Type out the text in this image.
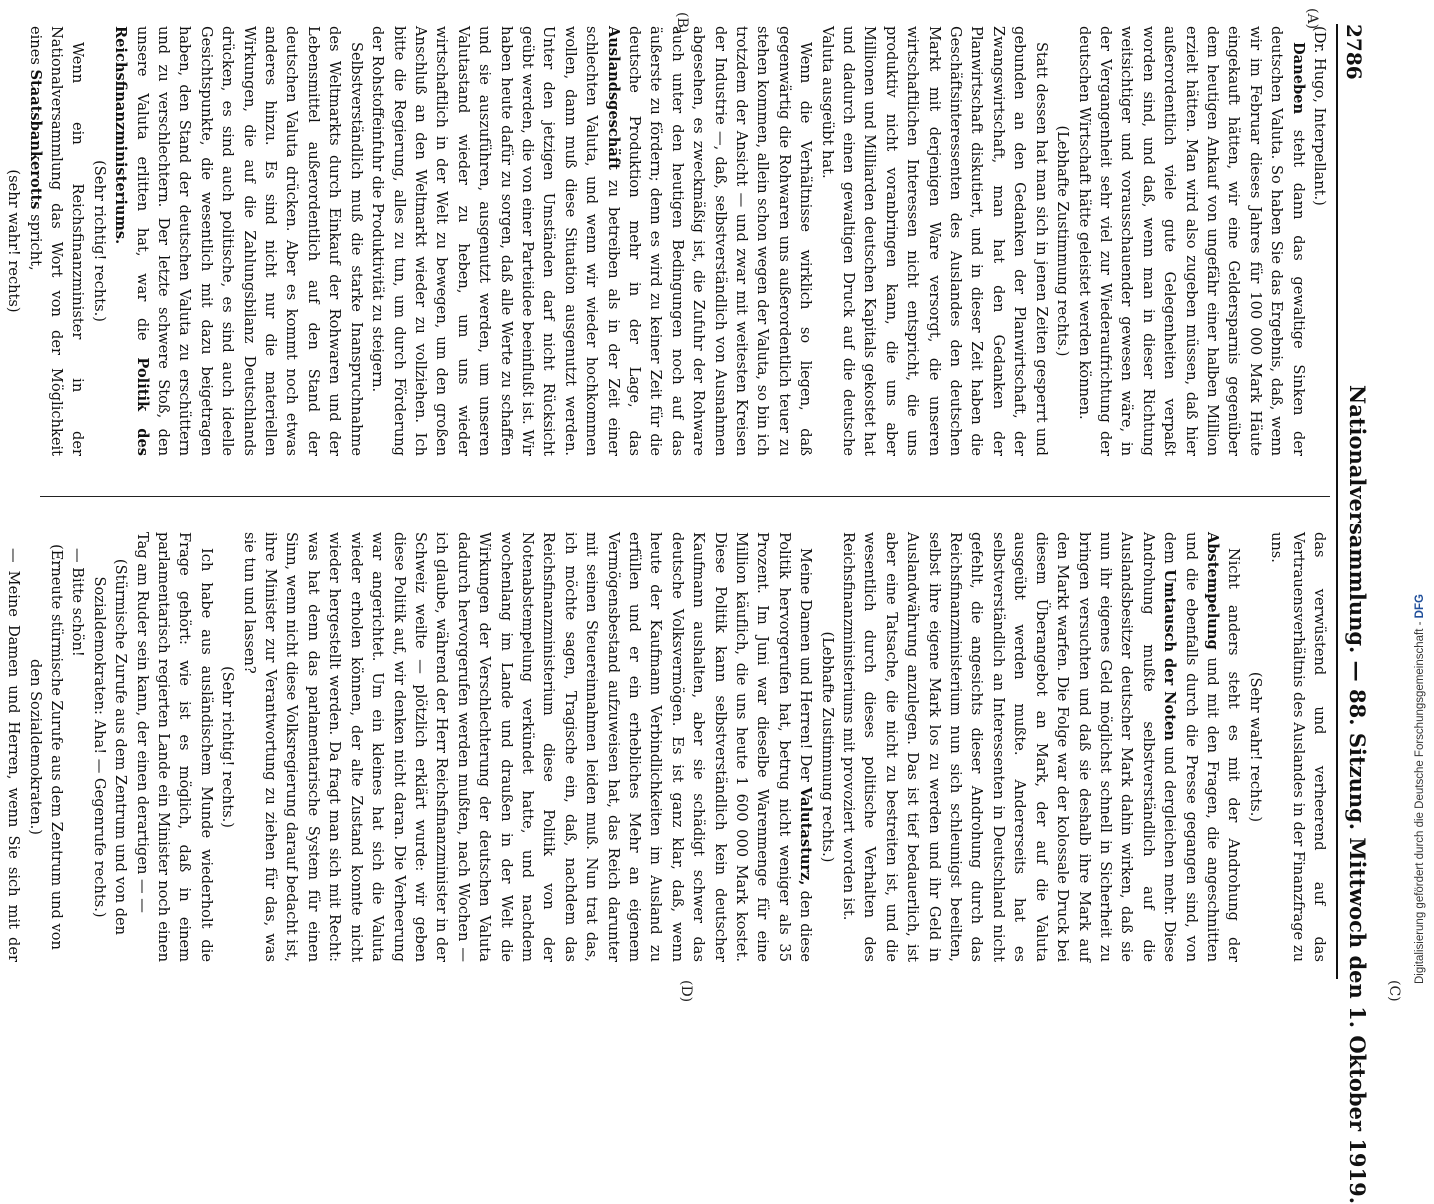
2786
Nationalversammlung. — 88. Sitzung. Mittwoch den 1. Oktober 1919.
(A)
(B)
(C)
(D)

(Dr. Hugo, Interpellant.)

Daneben steht dann das gewaltige Sinken der deutschen Valuta. So haben Sie das Ergebnis, daß, wenn wir im Februar dieses Jahres für 100 000 Mark Häute eingekauft hätten, wir eine Geldersparnis gegenüber dem heutigen Ankauf von ungefähr einer halben Million erzielt hätten. Man wird also zugeben müssen, daß hier außerordentlich viele gute Gelegenheiten verpaßt worden sind, und daß, wenn man in dieser Richtung weitsichtiger und vorausschauender gewesen wäre, in der Vergangenheit sehr viel zur Wiederaufrichtung der deutschen Wirtschaft hätte geleistet werden können.

(Lebhafte Zustimmung rechts.)

Statt dessen hat man sich in jenen Zeiten gesperrt und gebunden an den Gedanken der Planwirtschaft, der Zwangswirtschaft, man hat den Gedanken der Planwirtschaft diskutiert, und in dieser Zeit haben die Geschäftsinteressenten des Auslandes den deutschen Markt mit derjenigen Ware versorgt, die unseren wirtschaftlichen Interessen nicht entspricht, die uns produktiv nicht voranbringen kann, die uns aber Millionen und Milliarden deutschen Kapitals gekostet hat und dadurch einen gewaltigen Druck auf die deutsche Valuta ausgeübt hat.

Wenn die Verhältnisse wirklich so liegen, daß gegenwärtig die Rohwaren uns außerordentlich teuer zu stehen kommen, allein schon wegen der Valuta, so bin ich trotzdem der Ansicht — und zwar mit weitesten Kreisen der Industrie —, daß, selbstverständlich von Ausnahmen abgesehen, es zweckmäßig ist, die Zufuhr der Rohware auch unter den heutigen Bedingungen noch auf das äußerste zu fördern; denn es wird zu keiner Zeit für die deutsche Produktion mehr in der Lage, das Auslandsgeschäft zu betreiben als in der Zeit einer schlechten Valuta, und wenn wir wieder hochkommen wollen, dann muß diese Situation ausgenutzt werden. Unter den jetzigen Umständen darf nicht Rücksicht geübt werden, die von einer Parteiidee beeinflußt ist. Wir haben heute dafür zu sorgen, daß alle Werte zu schaffen und sie auszuführen, ausgenutzt werden, um unseren Valutastand wieder zu heben, um uns wieder wirtschaftlich in der Welt zu bewegen, um den großen Anschluß an den Weltmarkt wieder zu vollziehen. Ich bitte die Regierung, alles zu tun, um durch Förderung der Rohstoffeinfuhr die Produktivität zu steigern.

Selbstverständlich muß die starke Inanspruchnahme des Weltmarkts durch Einkauf der Rohwaren und der Lebensmittel außerordentlich auf den Stand der deutschen Valuta drücken. Aber es kommt noch etwas anderes hinzu. Es sind nicht nur die materiellen Wirkungen, die auf die Zahlungsbilanz Deutschlands drücken, es sind auch politische, es sind auch ideelle Gesichtspunkte, die wesentlich mit dazu beigetragen haben, den Stand der deutschen Valuta zu erschüttern und zu verschlechtern. Der letzte schwere Stoß, den unsere Valuta erlitten hat, war die Politik des Reichsfinanzministeriums.

(Sehr richtig! rechts.)

Wenn ein Reichsfinanzminister in der Nationalversammlung das Wort von der Möglichkeit eines Staatsbankerotts spricht,

(sehr wahr! rechts)

das verwüstend und verheerend auf das Vertrauensverhältnis des Auslandes in der Finanzfrage zu uns.

(Sehr wahr! rechts.)

Nicht anders steht es mit der Androhung der Abstempelung und mit den Fragen, die angeschnitten und die ebenfalls durch die Presse gegangen sind, von dem Umtausch der Noten und dergleichen mehr. Diese Androhung mußte selbstverständlich auf die Auslandsbesitzer deutscher Mark dahin wirken, daß sie nun ihr eigenes Geld möglichst schnell in Sicherheit zu bringen versuchten und daß sie deshalb ihre Mark auf den Markt warfen. Die Folge war der kolossale Druck bei diesem Überangebot an Mark, der auf die Valuta ausgeübt werden mußte. Andererseits hat es selbstverständlich an Interessenten in Deutschland nicht gefehlt, die angesichts dieser Androhung durch das Reichsfinanzministerium nun sich schleunigst beeilten, selbst ihre eigene Mark los zu werden und ihr Geld in Auslandwährung anzulegen. Das ist tief bedauerlich, ist aber eine Tatsache, die nicht zu bestreiten ist, und die wesentlich durch dieses politische Verhalten des Reichsfinanzministeriums mit provoziert worden ist.

(Lebhafte Zustimmung rechts.)

Meine Damen und Herren! Der Valutasturz, den diese Politik hervorgerufen hat, betrug nicht weniger als 35 Prozent. Im Juni war dieselbe Warenmenge für eine Million käuflich, die uns heute 1 600 000 Mark kostet. Diese Politik kann selbstverständlich kein deutscher Kaufmann aushalten, aber sie schädigt schwer das deutsche Volksvermögen. Es ist ganz klar, daß, wenn heute der Kaufmann Verbindlichkeiten im Ausland zu erfüllen und er ein erhebliches Mehr an eigenem Vermögensbestand aufzuweisen hat, das Reich darunter mit seinen Steuereinnahmen leiden muß. Nun trat das, ich möchte sagen, Tragische ein, daß, nachdem das Reichsfinanzministerium diese Politik von der Notenabstempelung verkündet hatte, und nachdem wochenlang im Lande und draußen in der Welt die Wirkungen der Verschlechterung der deutschen Valuta dadurch hervorgerufen werden mußten, nach Wochen — ich glaube, während der Herr Reichsfinanzminister in der Schweiz weilte — plötzlich erklärt wurde: wir geben diese Politik auf, wir denken nicht daran. Die Verheerung war angerichtet. Um ein kleines hat sich die Valuta wieder erholen können, der alte Zustand konnte nicht wieder hergestellt werden. Da fragt man sich mit Recht: was hat denn das parlamentarische System für einen Sinn, wenn nicht diese Volksregierung darauf bedacht ist, ihre Minister zur Verantwortung zu ziehen für das, was sie tun und lassen?

(Sehr richtig! rechts.)

Ich habe aus ausländischem Munde wiederholt die Frage gehört: wie ist es möglich, daß in einem parlamentarisch regierten Lande ein Minister noch einen Tag am Ruder sein kann, der einen derartigen — —

(Stürmische Zurufe aus dem Zentrum und von den Sozialdemokraten: Aha! — Gegenrufe rechts.)

— Bitte schön!

(Erneute stürmische Zurufe aus dem Zentrum und von den Sozialdemokraten.)

— Meine Damen und Herren, wenn Sie sich mit der	Digitalisierung gefördert durch die Deutsche Forschungsgemeinschaft - DFG
